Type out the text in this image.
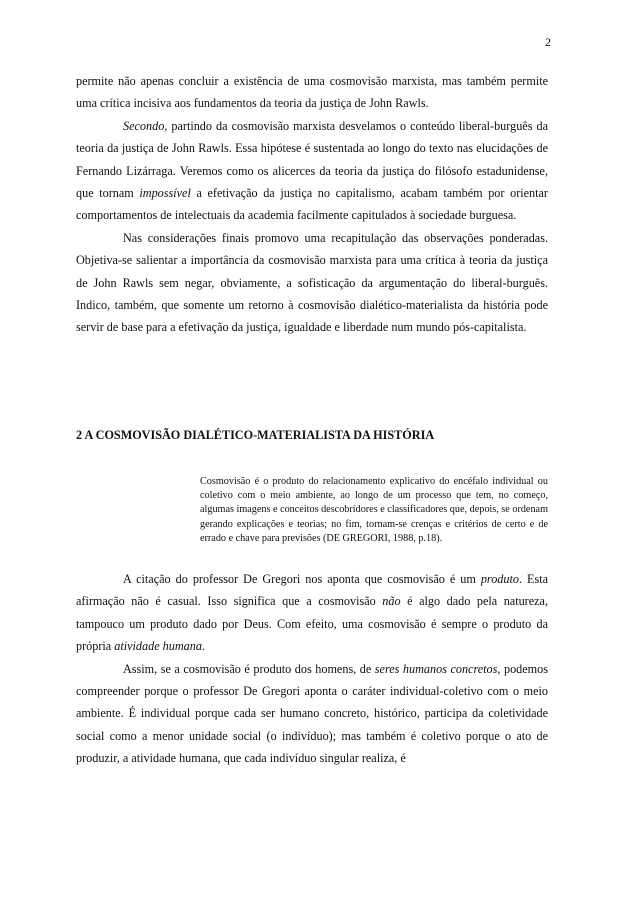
2

permite não apenas concluir a existência de uma cosmovisão marxista, mas também permite uma crítica incisiva aos fundamentos da teoria da justiça de John Rawls.

Secondo, partindo da cosmovisão marxista desvelamos o conteúdo liberal-burguês da teoria da justiça de John Rawls. Essa hipótese é sustentada ao longo do texto nas elucidações de Fernando Lizárraga. Veremos como os alicerces da teoria da justiça do filósofo estadunidense, que tornam impossível a efetivação da justiça no capitalismo, acabam também por orientar comportamentos de intelectuais da academia facilmente capitulados à sociedade burguesa.

Nas considerações finais promovo uma recapitulação das observações ponderadas. Objetiva-se salientar a importância da cosmovisão marxista para uma crítica à teoria da justiça de John Rawls sem negar, obviamente, a sofisticação da argumentação do liberal-burguês. Indico, também, que somente um retorno à cosmovisão dialético-materialista da história pode servir de base para a efetivação da justiça, igualdade e liberdade num mundo pós-capitalista.

2 A COSMOVISÃO DIALÉTICO-MATERIALISTA DA HISTÓRIA

Cosmovisão é o produto do relacionamento explicativo do encéfalo individual ou coletivo com o meio ambiente, ao longo de um processo que tem, no começo, algumas imagens e conceitos descobridores e classificadores que, depois, se ordenam gerando explicações e teorias; no fim, tornam-se crenças e critérios de certo e de errado e chave para previsões (DE GREGORI, 1988, p.18).

A citação do professor De Gregori nos aponta que cosmovisão é um produto. Esta afirmação não é casual. Isso significa que a cosmovisão não é algo dado pela natureza, tampouco um produto dado por Deus. Com efeito, uma cosmovisão é sempre o produto da própria atividade humana.

Assim, se a cosmovisão é produto dos homens, de seres humanos concretos, podemos compreender porque o professor De Gregori aponta o caráter individual-coletivo com o meio ambiente. É individual porque cada ser humano concreto, histórico, participa da coletividade social como a menor unidade social (o indivíduo); mas também é coletivo porque o ato de produzir, a atividade humana, que cada indivíduo singular realiza, é
